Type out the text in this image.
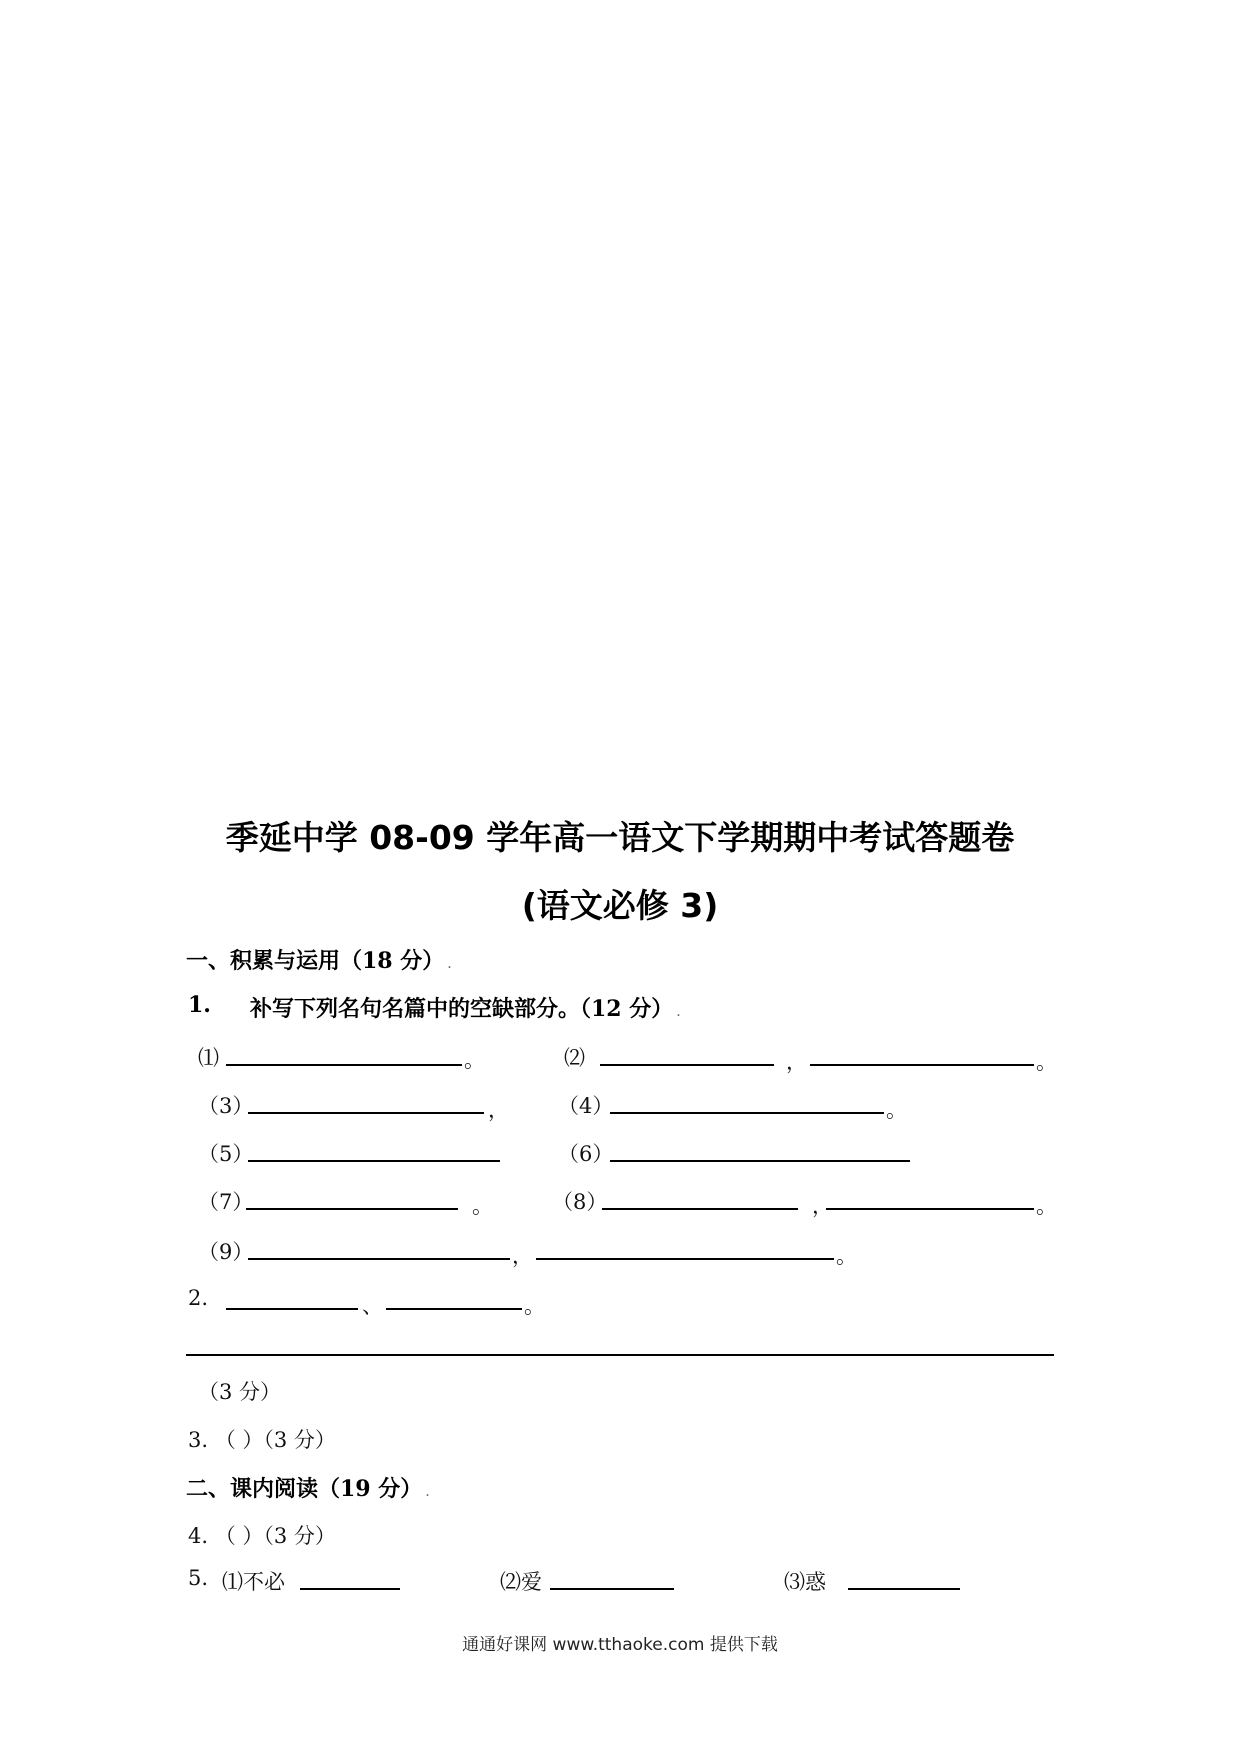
季延中学 08-09 学年高一语文下学期期中考试答题卷
(语文必修 3)
一、积累与运用（18 分） .
1. 补写下列名句名篇中的空缺部分。（12 分） .
⑴	。	⑵	，	。
（3）	， （4）	。
（5）	（6）
（7）	。	（8）	，	。
（9）	，	。
2.	、	。
（3 分）
3. （ ）（3 分）
二、课内阅读（19 分） .
4. （ ）（3 分）
5. ⑴不必	⑵爱	⑶惑
通通好课网 www.tthaoke.com 提供下载
